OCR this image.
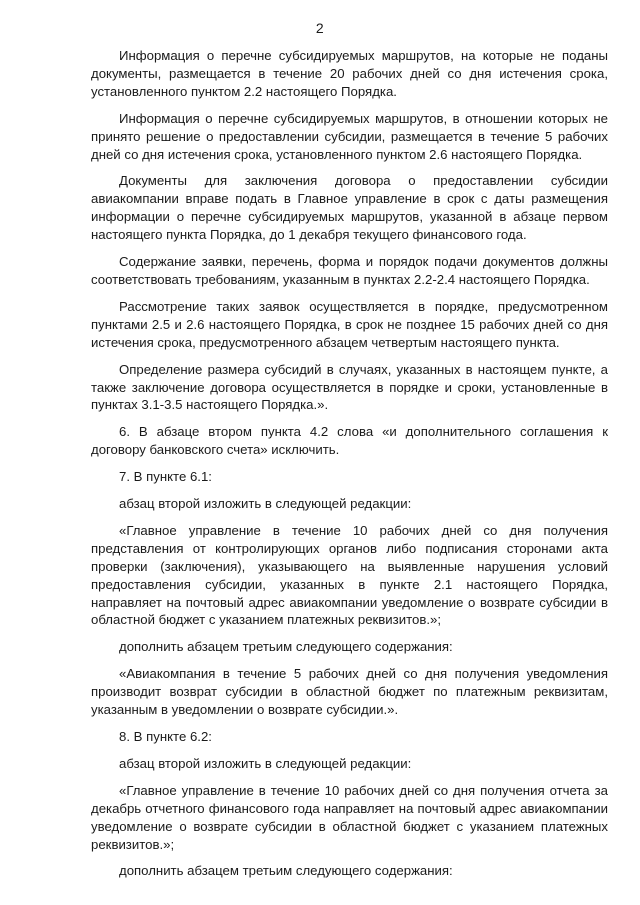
2

Информация о перечне субсидируемых маршрутов, на которые не поданы документы, размещается в течение 20 рабочих дней со дня истечения срока, установленного пунктом 2.2 настоящего Порядка.

Информация о перечне субсидируемых маршрутов, в отношении которых не принято решение о предоставлении субсидии, размещается в течение 5 рабочих дней со дня истечения срока, установленного пунктом 2.6 настоящего Порядка.

Документы для заключения договора о предоставлении субсидии авиакомпании вправе подать в Главное управление в срок с даты размещения информации о перечне субсидируемых маршрутов, указанной в абзаце первом настоящего пункта Порядка, до 1 декабря текущего финансового года.

Содержание заявки, перечень, форма и порядок подачи документов должны соответствовать требованиям, указанным в пунктах 2.2-2.4 настоящего Порядка.

Рассмотрение таких заявок осуществляется в порядке, предусмотренном пунктами 2.5 и 2.6 настоящего Порядка, в срок не позднее 15 рабочих дней со дня истечения срока, предусмотренного абзацем четвертым настоящего пункта.

Определение размера субсидий в случаях, указанных в настоящем пункте, а также заключение договора осуществляется в порядке и сроки, установленные в пунктах 3.1-3.5 настоящего Порядка.».

6. В абзаце втором пункта 4.2 слова «и дополнительного соглашения к договору банковского счета» исключить.

7. В пункте 6.1:

абзац второй изложить в следующей редакции:

«Главное управление в течение 10 рабочих дней со дня получения представления от контролирующих органов либо подписания сторонами акта проверки (заключения), указывающего на выявленные нарушения условий предоставления субсидии, указанных в пункте 2.1 настоящего Порядка, направляет на почтовый адрес авиакомпании уведомление о возврате субсидии в областной бюджет с указанием платежных реквизитов.»;

дополнить абзацем третьим следующего содержания:

«Авиакомпания в течение 5 рабочих дней со дня получения уведомления производит возврат субсидии в областной бюджет по платежным реквизитам, указанным в уведомлении о возврате субсидии.».

8. В пункте 6.2:

абзац второй изложить в следующей редакции:

«Главное управление в течение 10 рабочих дней со дня получения отчета за декабрь отчетного финансового года направляет на почтовый адрес авиакомпании уведомление о возврате субсидии в областной бюджет с указанием платежных реквизитов.»;

дополнить абзацем третьим следующего содержания:
